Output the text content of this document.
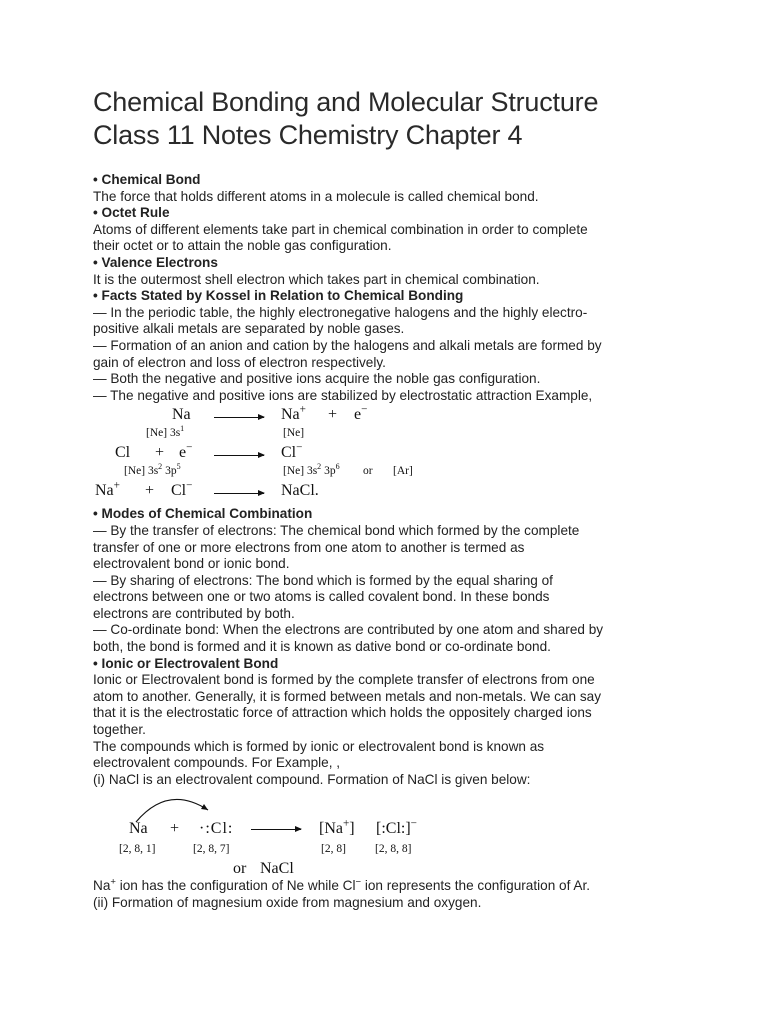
Chemical Bonding and Molecular Structure
Class 11 Notes Chemistry Chapter 4

• Chemical Bond

The force that holds different atoms in a molecule is called chemical bond.

• Octet Rule

Atoms of different elements take part in chemical combination in order to complete

their octet or to attain the noble gas configuration.

• Valence Electrons

It is the outermost shell electron which takes part in chemical combination.

• Facts Stated by Kossel in Relation to Chemical Bonding

— In the periodic table, the highly electronegative halogens and the highly electro-

positive alkali metals are separated by noble gases.

— Formation of an anion and cation by the halogens and alkali metals are formed by

gain of electron and loss of electron respectively.

— Both the negative and positive ions acquire the noble gas configuration.

— The negative and positive ions are stabilized by electrostatic attraction Example,

Na → Na+ + e−
[Ne] $3s^1$	[Ne]
Cl + e− → Cl−
[Ne] $3s^2$ $3p^5$	[Ne] $3s^2$ $3p^6$ or [Ar]
Na+ + Cl− → NaCl.

• Modes of Chemical Combination

— By the transfer of electrons: The chemical bond which formed by the complete

transfer of one or more electrons from one atom to another is termed as

electrovalent bond or ionic bond.

— By sharing of electrons: The bond which is formed by the equal sharing of

electrons between one or two atoms is called covalent bond. In these bonds

electrons are contributed by both.

— Co-ordinate bond: When the electrons are contributed by one atom and shared by

both, the bond is formed and it is known as dative bond or co-ordinate bond.

• Ionic or Electrovalent Bond

Ionic or Electrovalent bond is formed by the complete transfer of electrons from one

atom to another. Generally, it is formed between metals and non-metals. We can say

that it is the electrostatic force of attraction which holds the oppositely charged ions

together.

The compounds which is formed by ionic or electrovalent bond is known as

electrovalent compounds. For Example, ,

(i) NaCl is an electrovalent compound. Formation of NaCl is given below:

Na + ·:Cl: → [Na+] [:Cl:]−
[2, 8, 1]	[2, 8, 7]	[2, 8]	[2, 8, 8]
or NaCl

Na+ ion has the configuration of Ne while Cl− ion represents the configuration of Ar.

(ii) Formation of magnesium oxide from magnesium and oxygen.
